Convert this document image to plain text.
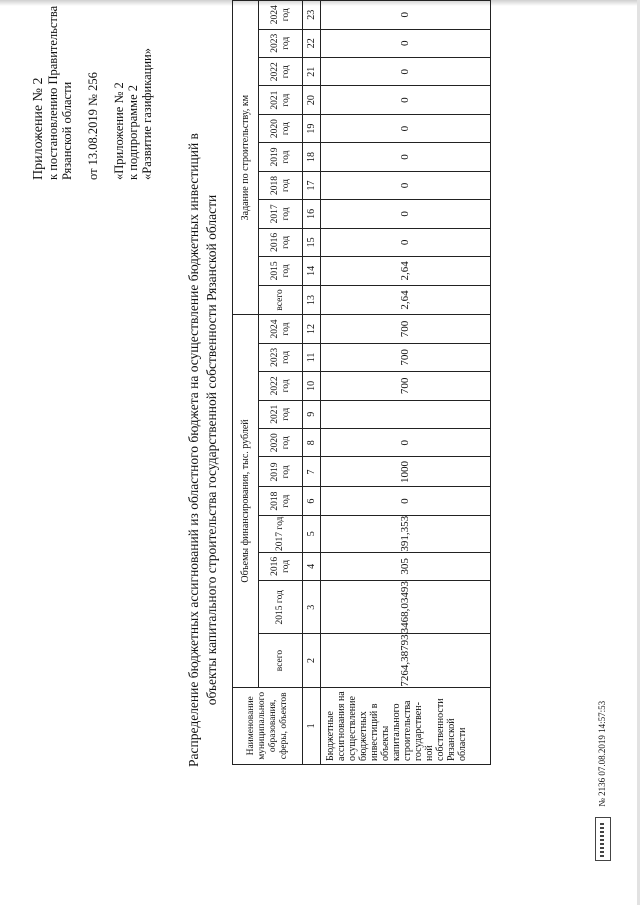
Приложение № 2 к постановлению Правительства Рязанской области от 13.08.2019 № 256 «Приложение № 2 к подпрограмме 2 «Развитие газификации»
Распределение бюджетных ассигнований из областного бюджета на осуществление бюджетных инвестиций в объекты капитального строительства государственной собственности Рязанской области
Наименование муниципального образования, сферы, объектов	Объемы финансирования, тыс. рублей											Задание по строительству, км										
	всего	2015 год	2016 год	2017 год	2018 год	2019 год	2020 год	2021 год	2022 год	2023 год	2024 год	всего	2015 год	2016 год	2017 год	2018 год	2019 год	2020 год	2021 год	2022 год	2023 год	2024 год
1	2	3	4	5	6	7	8	9	10	11	12	13	14	15	16	17	18	19	20	21	22	23
Бюджетные ассигнования на осуществление бюджетных инвестиций в объекты капитального строительства государствен-ной собственности Рязанской области	7264,38793	3468,03493	305	391,353	0	1000	0		700	700	700	2,64	2,64	0	0	0	0	0	0	0	0	0
№ 2136 07.08.2019 14:57:53
